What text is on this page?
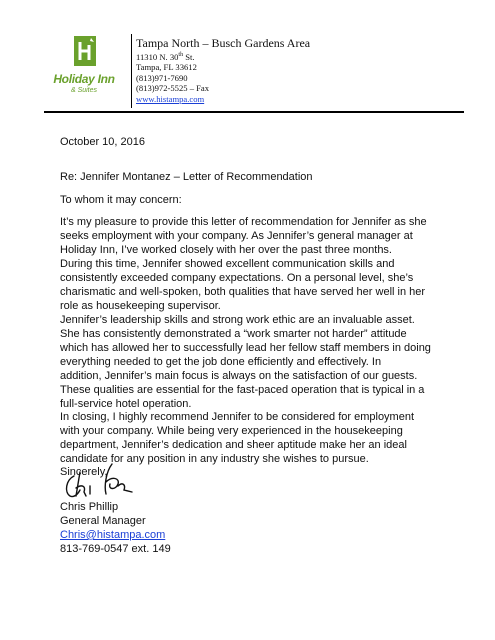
Holiday Inn
& Suites
Tampa North – Busch Gardens Area
11310 N. 30th St.
Tampa, FL 33612
(813)971-7690
(813)972-5525 – Fax
www.histampa.com
October 10, 2016
Re: Jennifer Montanez – Letter of Recommendation
To whom it may concern:
It’s my pleasure to provide this letter of recommendation for Jennifer as she
seeks employment with your company. As Jennifer’s general manager at
Holiday Inn, I’ve worked closely with her over the past three months.
During this time, Jennifer showed excellent communication skills and
consistently exceeded company expectations. On a personal level, she’s
charismatic and well-spoken, both qualities that have served her well in her
role as housekeeping supervisor.
Jennifer’s leadership skills and strong work ethic are an invaluable asset.
She has consistently demonstrated a “work smarter not harder” attitude
which has allowed her to successfully lead her fellow staff members in doing
everything needed to get the job done efficiently and effectively. In
addition, Jennifer’s main focus is always on the satisfaction of our guests.
These qualities are essential for the fast-paced operation that is typical in a
full-service hotel operation.
In closing, I highly recommend Jennifer to be considered for employment
with your company. While being very experienced in the housekeeping
department, Jennifer’s dedication and sheer aptitude make her an ideal
candidate for any position in any industry she wishes to pursue.
Sincerely,
Chris Phillip
General Manager
Chris@histampa.com
813-769-0547 ext. 149
